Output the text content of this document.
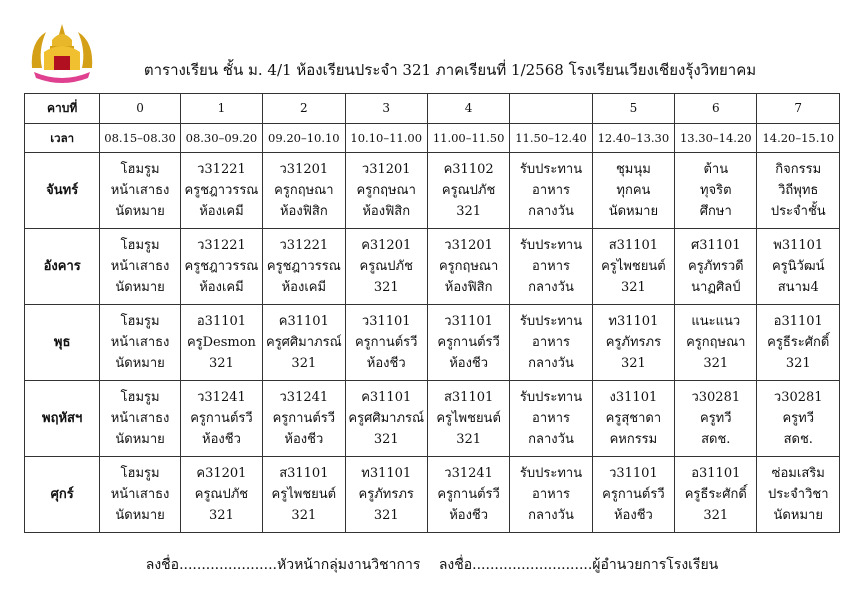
ตารางเรียน ชั้น ม. 4/1 ห้องเรียนประจำ 321 ภาคเรียนที่ 1/2568 โรงเรียนเวียงเชียงรุ้งวิทยาคม
คาบที่	0	1	2	3	4		5	6	7
เวลา	08.15–08.30	08.30–09.20	09.20–10.10	10.10–11.00	11.00–11.50	11.50–12.40	12.40–13.30	13.30–14.20	14.20–15.10
จันทร์	โฮมรูม
หน้าเสาธง
นัดหมาย	ว31221
ครูชฎาวรรณ
ห้องเคมี	ว31201
ครูกฤษณา
ห้องฟิสิก	ว31201
ครูกฤษณา
ห้องฟิสิก	ค31102
ครูณปภัช
321	รับประทาน
อาหาร
กลางวัน	ชุมนุม
ทุกคน
นัดหมาย	ต้าน
ทุจริต
ศึกษา	กิจกรรม
วิถีพุทธ
ประจำชั้น

อังคาร	โฮมรูม
หน้าเสาธง
นัดหมาย	ว31221
ครูชฎาวรรณ
ห้องเคมี	ว31221
ครูชฎาวรรณ
ห้องเคมี	ค31201
ครูณปภัช
321	ว31201
ครูกฤษณา
ห้องฟิสิก	รับประทาน
อาหาร
กลางวัน	ส31101
ครูไพชยนต์
321	ศ31101
ครูภัทรวดี
นาฏศิลป์	พ31101
ครูนิวัฒน์
สนาม4

พุธ	โฮมรูม
หน้าเสาธง
นัดหมาย	อ31101
ครูDesmon
321	ค31101
ครูศศิมาภรณ์
321	ว31101
ครูกานต์รวี
ห้องชีว	ว31101
ครูกานต์รวี
ห้องชีว	รับประทาน
อาหาร
กลางวัน	ท31101
ครูภัทรภร
321	แนะแนว
ครูกฤษณา
321	อ31101
ครูธีระศักดิ์
321

พฤหัสฯ	โฮมรูม
หน้าเสาธง
นัดหมาย	ว31241
ครูกานต์รวี
ห้องชีว	ว31241
ครูกานต์รวี
ห้องชีว	ค31101
ครูศศิมาภรณ์
321	ส31101
ครูไพชยนต์
321	รับประทาน
อาหาร
กลางวัน	ง31101
ครูสุชาดา
คหกรรม	ว30281
ครูทวี
สดช.	ว30281
ครูทวี
สดช.

ศุกร์	โฮมรูม
หน้าเสาธง
นัดหมาย	ค31201
ครูณปภัช
321	ส31101
ครูไพชยนต์
321	ท31101
ครูภัทรภร
321	ว31241
ครูกานต์รวี
ห้องชีว	รับประทาน
อาหาร
กลางวัน	ว31101
ครูกานต์รวี
ห้องชีว	อ31101
ครูธีระศักดิ์
321	ซ่อมเสริม
ประจำวิชา
นัดหมาย
ลงชื่อ......................หัวหน้ากลุ่มงานวิชาการ ลงชื่อ...........................ผู้อำนวยการโรงเรียน
